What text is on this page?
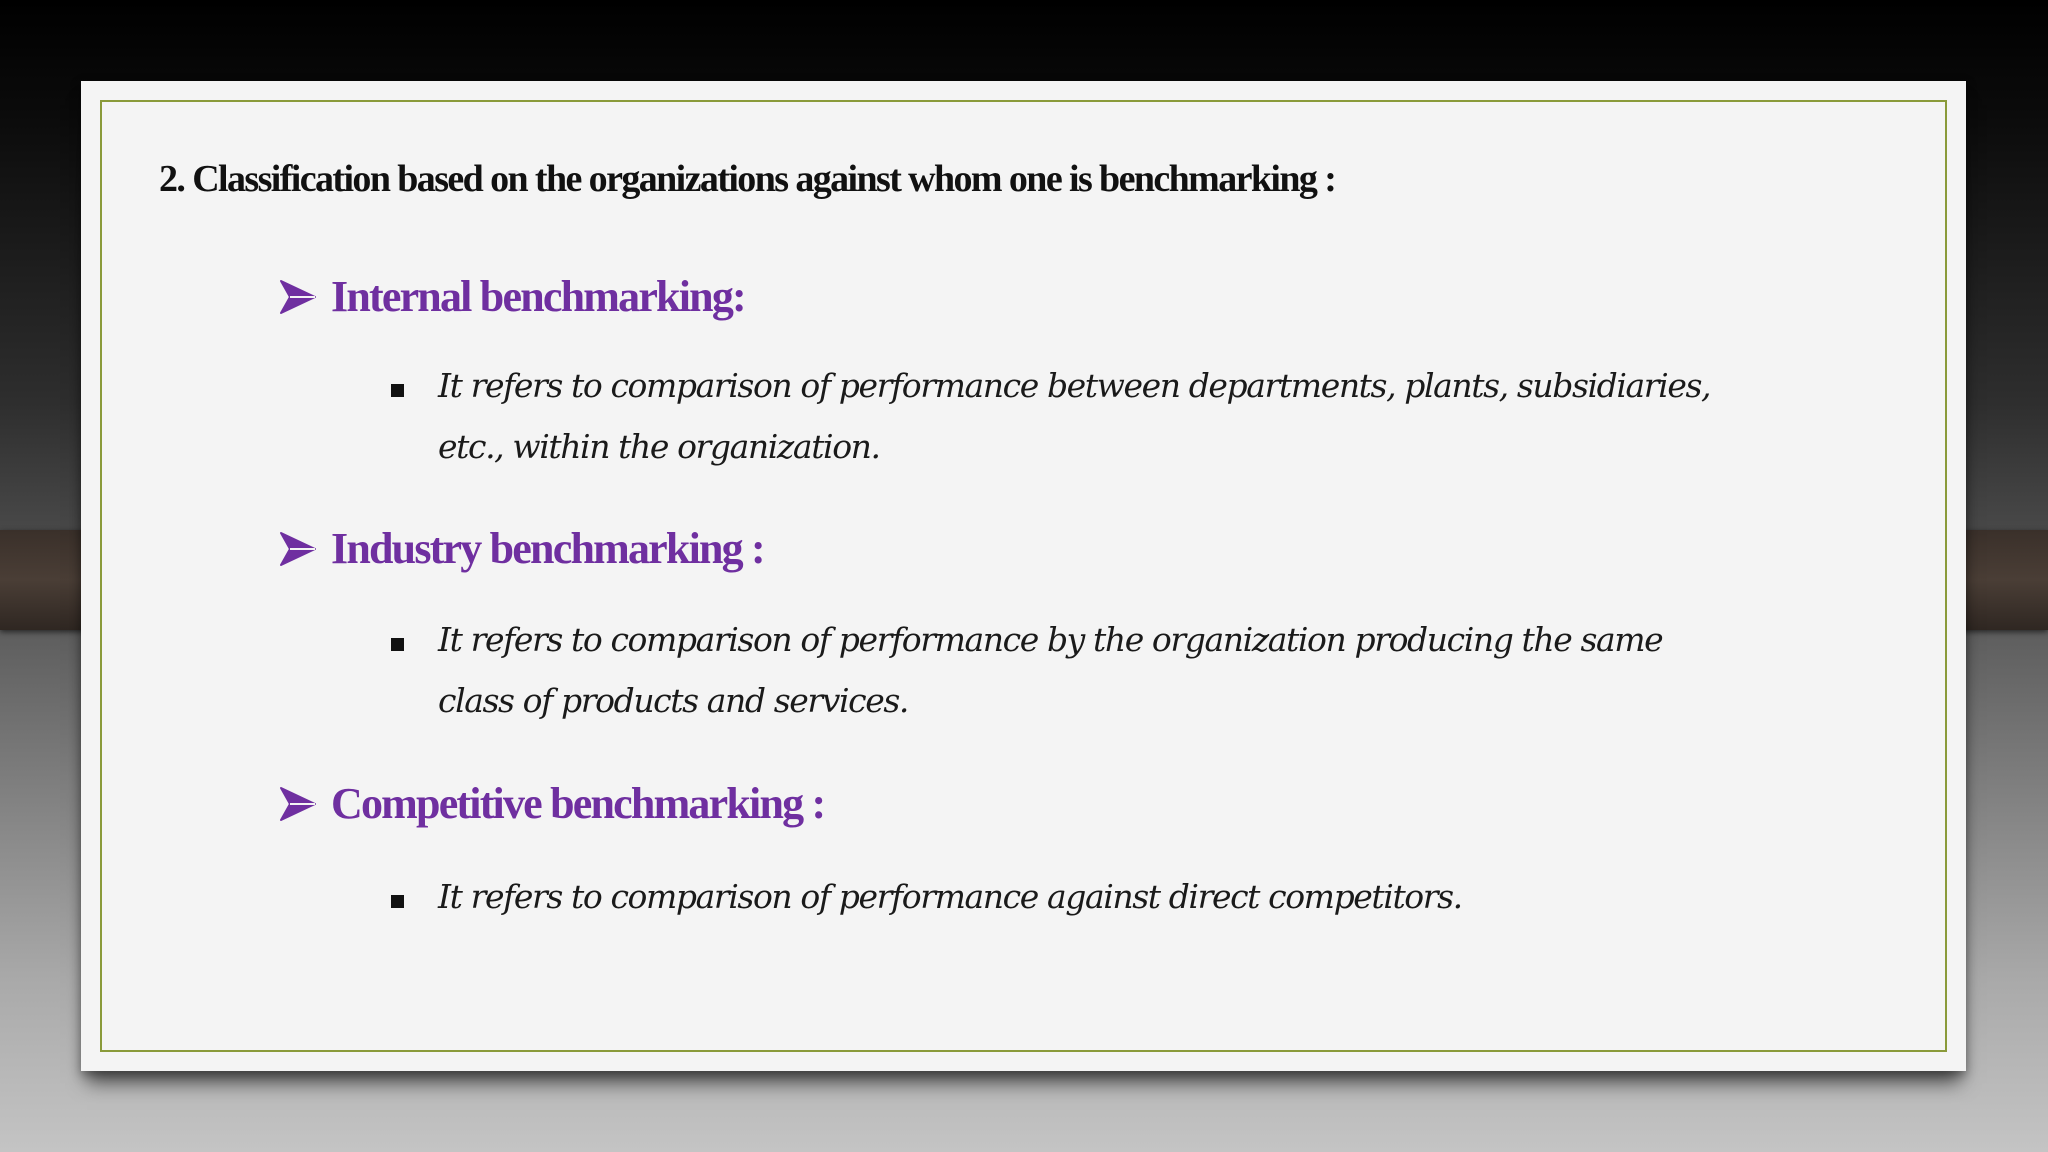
2. Classification based on the organizations against whom one is benchmarking :
Internal benchmarking:
It refers to comparison of performance between departments, plants, subsidiaries, etc., within the organization.
Industry benchmarking :
It refers to comparison of performance by the organization producing the same class of products and services.
Competitive benchmarking :
It refers to comparison of performance against direct competitors.
